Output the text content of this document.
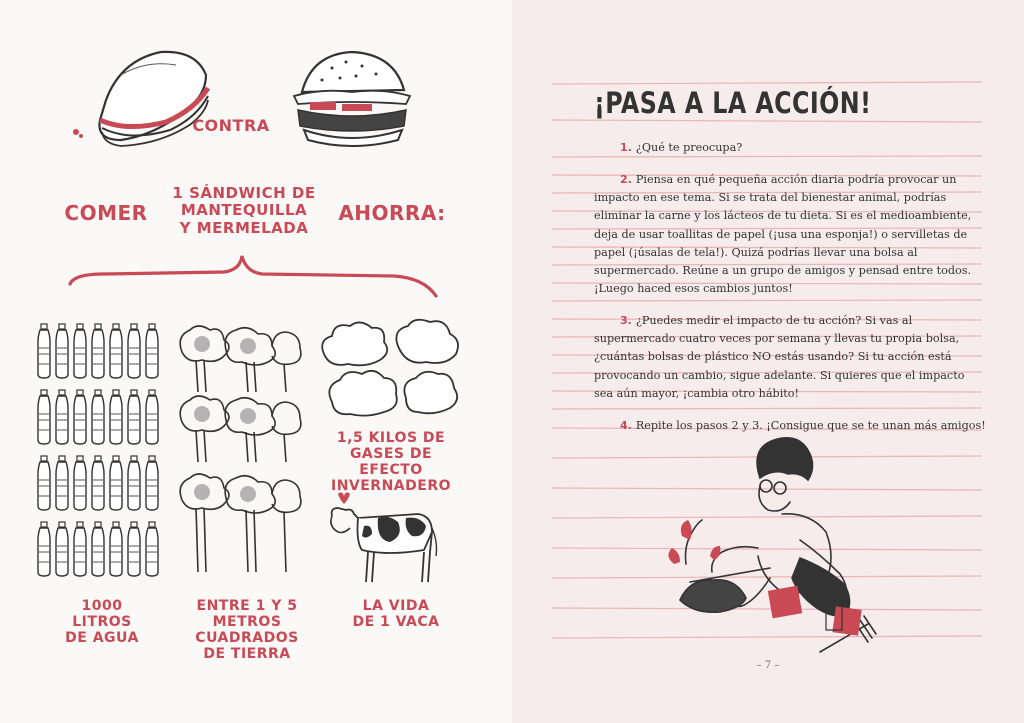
CONTRA
COMER
1 SÁNDWICH DE
MANTEQUILLA
Y MERMELADA
AHORRA:
1,5 KILOS DE
GASES DE EFECTO
INVERNADERO
1000
LITROS
DE AGUA
ENTRE 1 Y 5
METROS CUADRADOS
DE TIERRA
LA VIDA
DE 1 VACA
¡PASA A LA ACCIÓN!

1. ¿Qué te preocupa?

2. Piensa en qué pequeña acción diaria podría provocar un impacto en ese tema. Si se trata del bienestar animal, podrías eliminar la carne y los lácteos de tu dieta. Si es el medioambiente, deja de usar toallitas de papel (¡usa una esponja!) o servilletas de papel (¡úsalas de tela!). Quizá podrías llevar una bolsa al supermercado. Reúne a un grupo de amigos y pensad entre todos. ¡Luego haced esos cambios juntos!

3. ¿Puedes medir el impacto de tu acción? Si vas al supermercado cuatro veces por semana y llevas tu propia bolsa, ¿cuántas bolsas de plástico NO estás usando? Si tu acción está provocando un cambio, sigue adelante. Si quieres que el impacto sea aún mayor, ¡cambia otro hábito!

4. Repite los pasos 2 y 3. ¡Consigue que se te unan más amigos!

– 7 –
